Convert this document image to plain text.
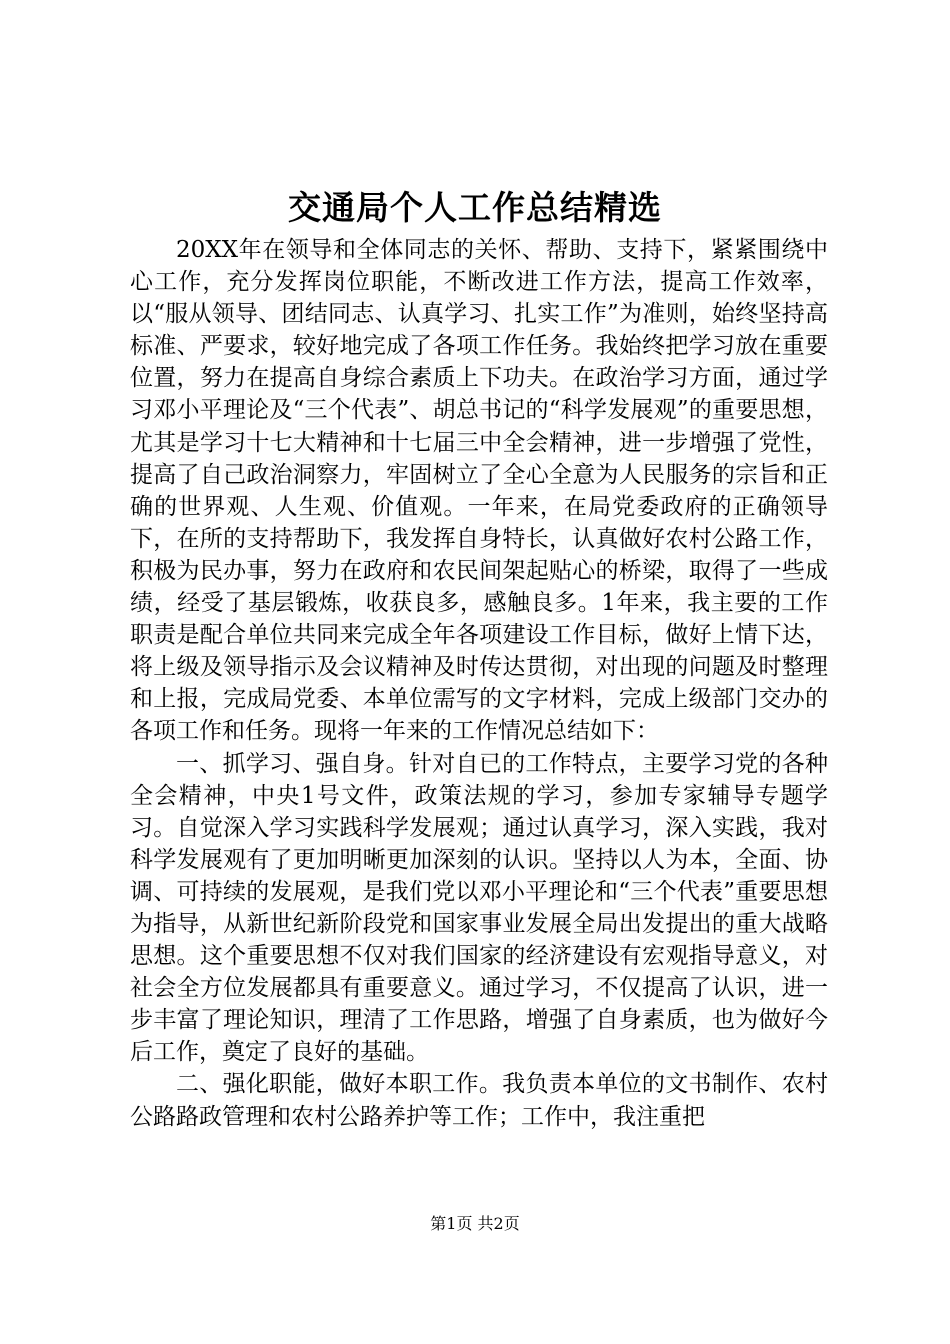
交通局个人工作总结精选

20XX年在领导和全体同志的关怀、帮助、支持下，紧紧围绕中心工作，充分发挥岗位职能，不断改进工作方法，提高工作效率，以“服从领导、团结同志、认真学习、扎实工作”为准则，始终坚持高标准、严要求，较好地完成了各项工作任务。我始终把学习放在重要位置，努力在提高自身综合素质上下功夫。在政治学习方面，通过学习邓小平理论及“三个代表”、胡总书记的“科学发展观”的重要思想，尤其是学习十七大精神和十七届三中全会精神，进一步增强了党性，提高了自己政治洞察力，牢固树立了全心全意为人民服务的宗旨和正确的世界观、人生观、价值观。一年来，在局党委政府的正确领导下，在所的支持帮助下，我发挥自身特长，认真做好农村公路工作，积极为民办事，努力在政府和农民间架起贴心的桥梁，取得了一些成绩，经受了基层锻炼，收获良多，感触良多。1年来，我主要的工作职责是配合单位共同来完成全年各项建设工作目标，做好上情下达，将上级及领导指示及会议精神及时传达贯彻，对出现的问题及时整理和上报，完成局党委、本单位需写的文字材料，完成上级部门交办的各项工作和任务。现将一年来的工作情况总结如下：

一、抓学习、强自身。针对自已的工作特点，主要学习党的各种全会精神，中央1号文件，政策法规的学习，参加专家辅导专题学习。自觉深入学习实践科学发展观；通过认真学习，深入实践，我对科学发展观有了更加明晰更加深刻的认识。坚持以人为本，全面、协调、可持续的发展观，是我们党以邓小平理论和“三个代表”重要思想为指导，从新世纪新阶段党和国家事业发展全局出发提出的重大战略思想。这个重要思想不仅对我们国家的经济建设有宏观指导意义，对社会全方位发展都具有重要意义。通过学习，不仅提高了认识，进一步丰富了理论知识，理清了工作思路，增强了自身素质，也为做好今后工作，奠定了良好的基础。

二、强化职能，做好本职工作。我负责本单位的文书制作、农村公路路政管理和农村公路养护等工作；工作中，我注重把

第1页 共2页
